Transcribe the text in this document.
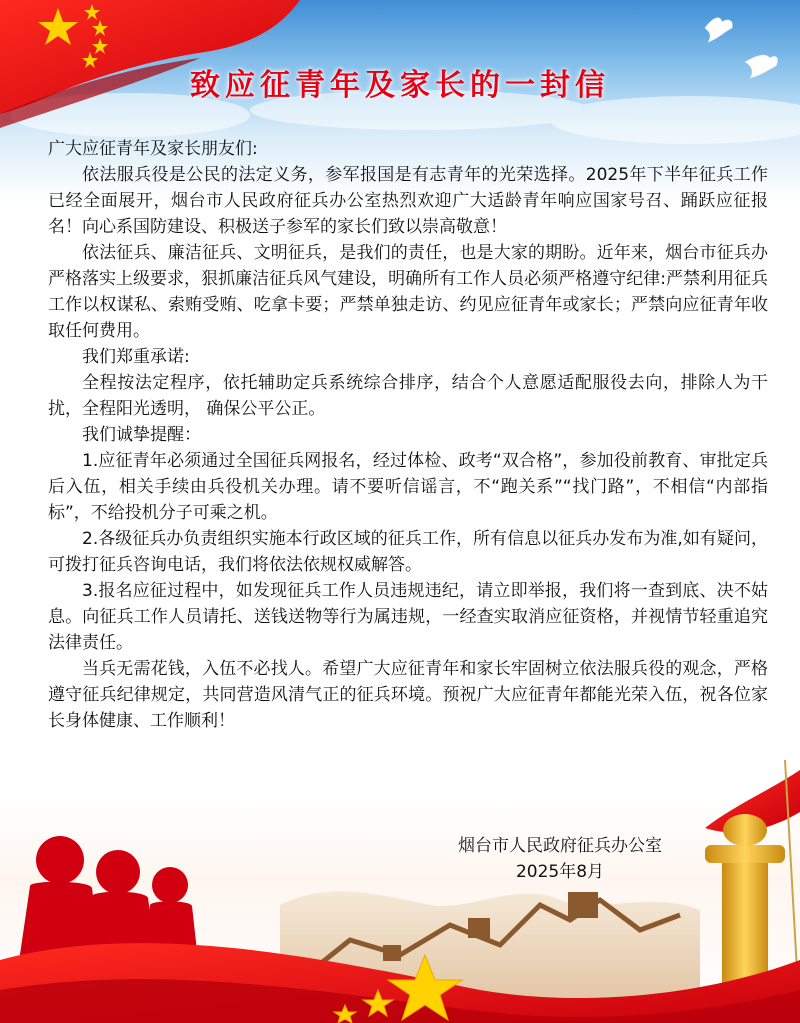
致应征青年及家长的一封信

广大应征青年及家长朋友们:

依法服兵役是公民的法定义务，参军报国是有志青年的光荣选择。2025年下半年征兵工作已经全面展开，烟台市人民政府征兵办公室热烈欢迎广大适龄青年响应国家号召、踊跃应征报名！向心系国防建设、积极送子参军的家长们致以崇高敬意！

依法征兵、廉洁征兵、文明征兵，是我们的责任，也是大家的期盼。近年来，烟台市征兵办严格落实上级要求，狠抓廉洁征兵风气建设，明确所有工作人员必须严格遵守纪律:严禁利用征兵工作以权谋私、索贿受贿、吃拿卡要；严禁单独走访、约见应征青年或家长；严禁向应征青年收取任何费用。

我们郑重承诺:

全程按法定程序，依托辅助定兵系统综合排序，结合个人意愿适配服役去向，排除人为干扰，全程阳光透明， 确保公平公正。

我们诚挚提醒：

1.应征青年必须通过全国征兵网报名，经过体检、政考“双合格”，参加役前教育、审批定兵后入伍，相关手续由兵役机关办理。请不要听信谣言，不“跑关系”“找门路”，不相信“内部指标”，不给投机分子可乘之机。

2.各级征兵办负责组织实施本行政区域的征兵工作，所有信息以征兵办发布为准,如有疑问，可拨打征兵咨询电话，我们将依法依规权威解答。

3.报名应征过程中，如发现征兵工作人员违规违纪，请立即举报，我们将一查到底、决不姑息。向征兵工作人员请托、送钱送物等行为属违规，一经查实取消应征资格，并视情节轻重追究法律责任。

当兵无需花钱，入伍不必找人。希望广大应征青年和家长牢固树立依法服兵役的观念，严格遵守征兵纪律规定，共同营造风清气正的征兵环境。预祝广大应征青年都能光荣入伍，祝各位家长身体健康、工作顺利！

烟台市人民政府征兵办公室
2025年8月
